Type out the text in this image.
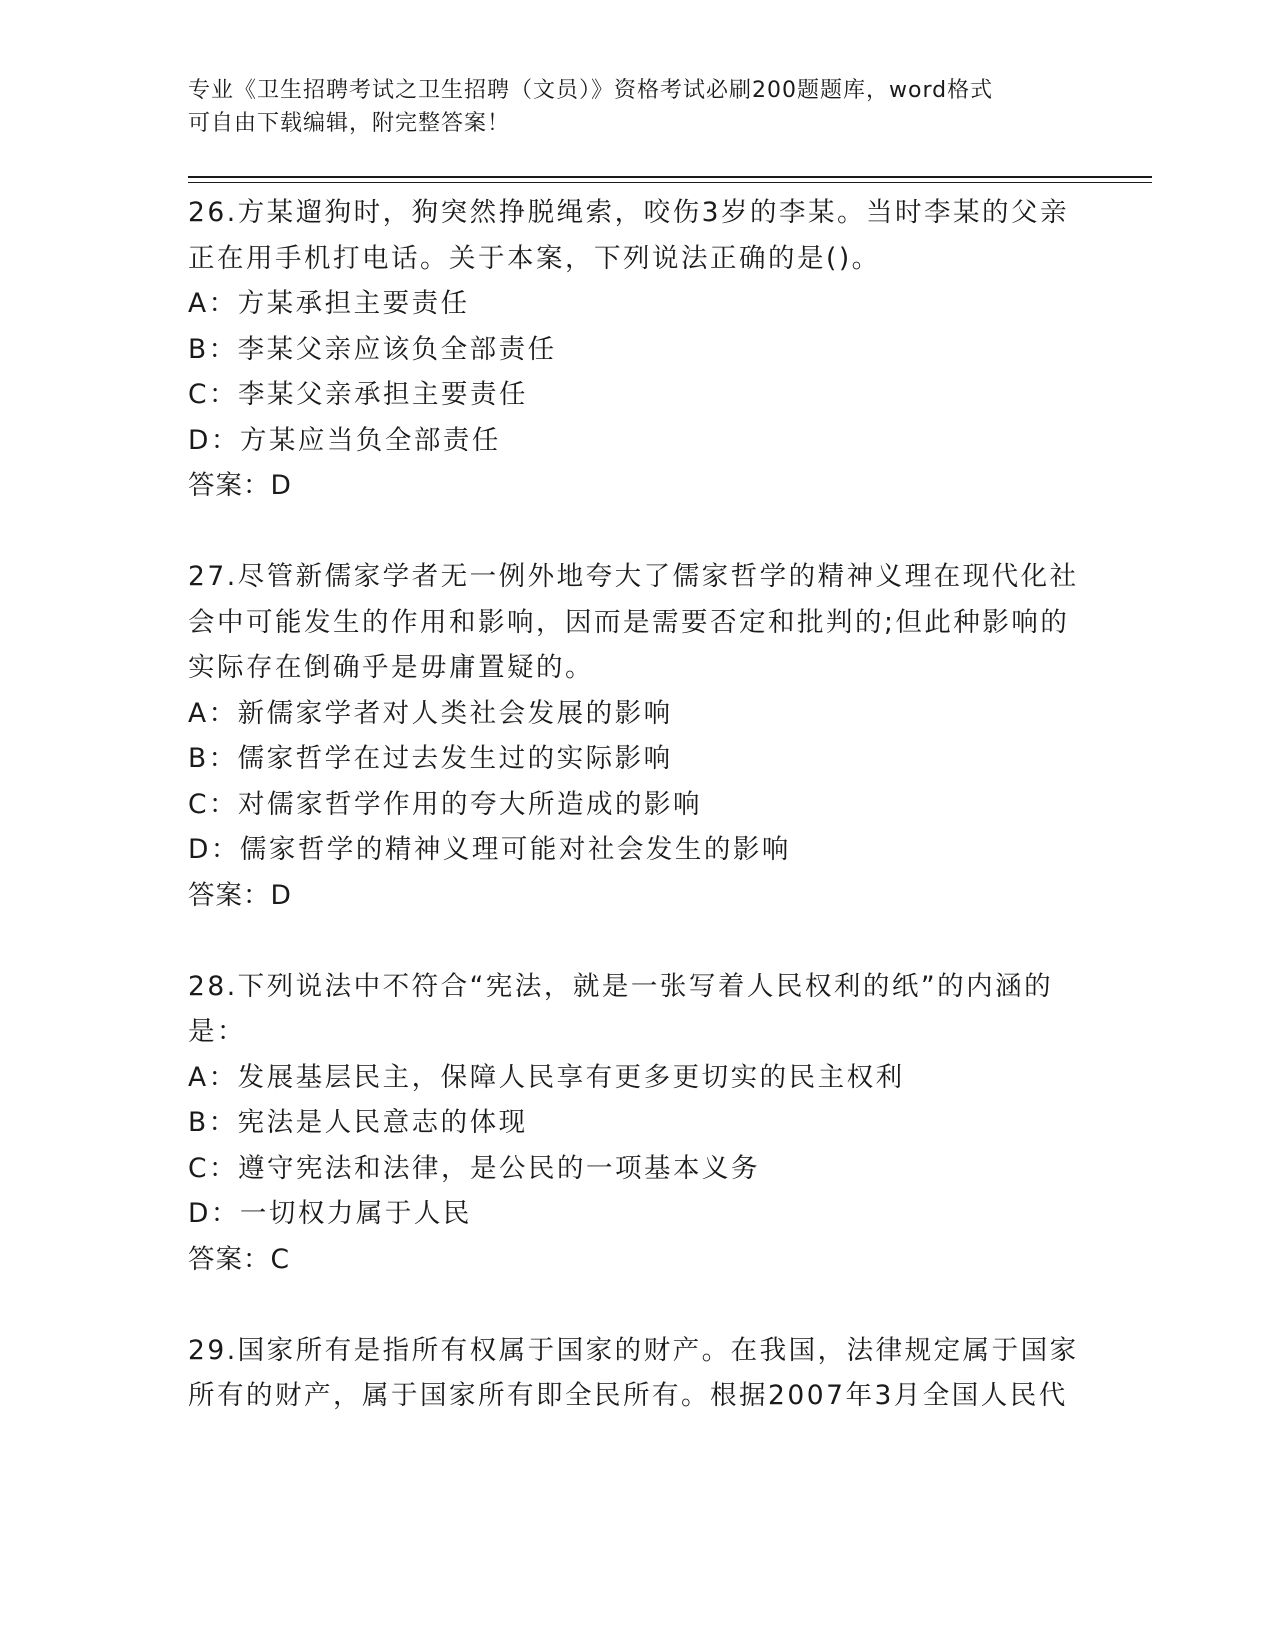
专业《卫生招聘考试之卫生招聘（文员）》资格考试必刷200题题库，word格式
可自由下载编辑，附完整答案！
26.方某遛狗时，狗突然挣脱绳索，咬伤3岁的李某。当时李某的父亲
正在用手机打电话。关于本案，下列说法正确的是()。
A：方某承担主要责任
B：李某父亲应该负全部责任
C：李某父亲承担主要责任
D：方某应当负全部责任
答案：D
27.尽管新儒家学者无一例外地夸大了儒家哲学的精神义理在现代化社
会中可能发生的作用和影响，因而是需要否定和批判的;但此种影响的
实际存在倒确乎是毋庸置疑的。
A：新儒家学者对人类社会发展的影响
B：儒家哲学在过去发生过的实际影响
C：对儒家哲学作用的夸大所造成的影响
D：儒家哲学的精神义理可能对社会发生的影响
答案：D
28.下列说法中不符合“宪法，就是一张写着人民权利的纸”的内涵的
是：
A：发展基层民主，保障人民享有更多更切实的民主权利
B：宪法是人民意志的体现
C：遵守宪法和法律，是公民的一项基本义务
D：一切权力属于人民
答案：C
29.国家所有是指所有权属于国家的财产。在我国，法律规定属于国家
所有的财产，属于国家所有即全民所有。根据2007年3月全国人民代
